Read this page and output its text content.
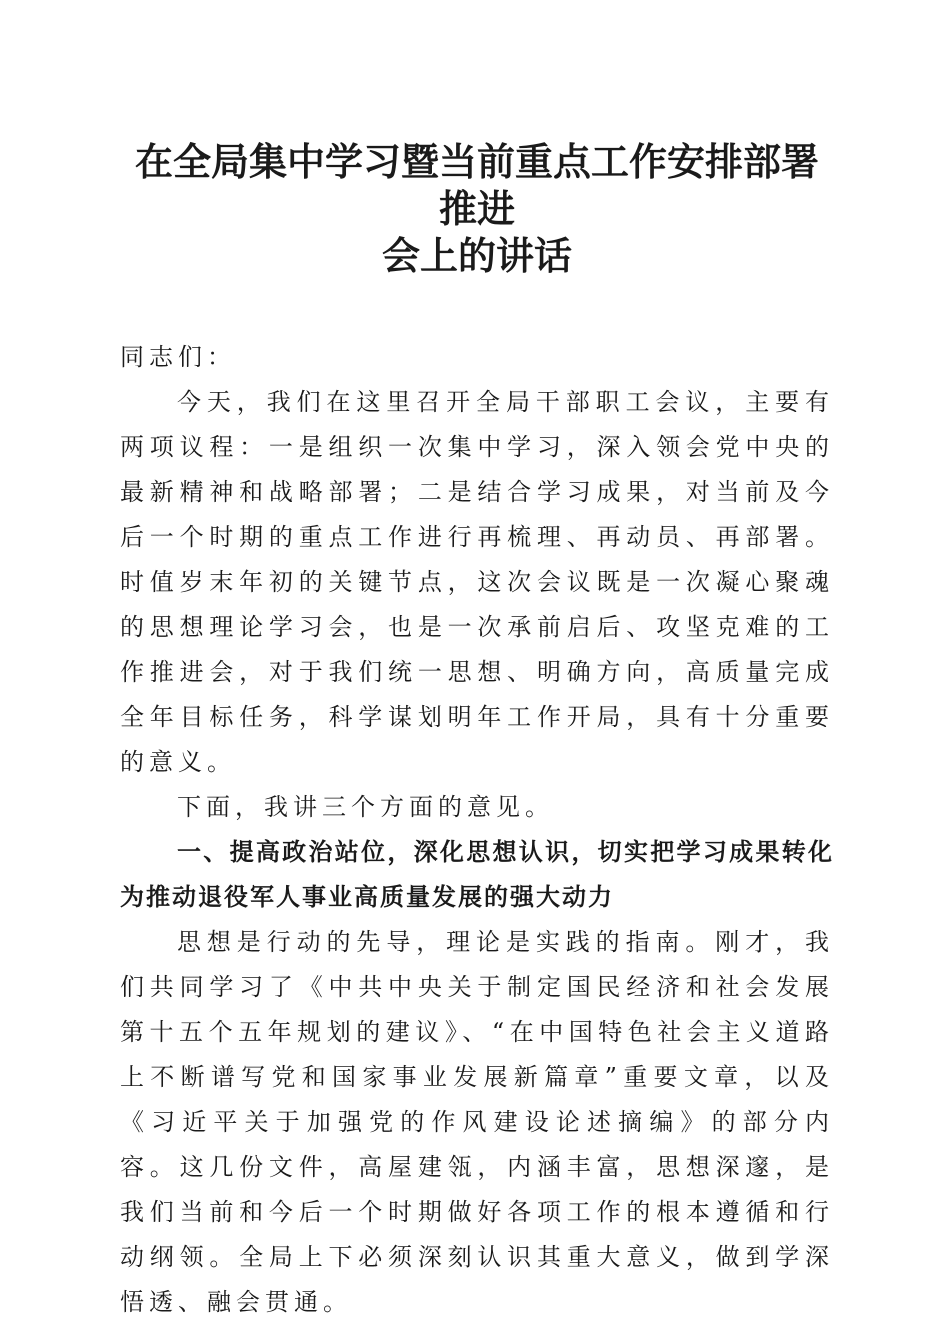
在全局集中学习暨当前重点工作安排部署推进
会上的讲话

同志们：

今天，我们在这里召开全局干部职工会议，主要有两项议程：一是组织一次集中学习，深入领会党中央的最新精神和战略部署；二是结合学习成果，对当前及今后一个时期的重点工作进行再梳理、再动员、再部署。时值岁末年初的关键节点，这次会议既是一次凝心聚魂的思想理论学习会，也是一次承前启后、攻坚克难的工作推进会，对于我们统一思想、明确方向，高质量完成全年目标任务，科学谋划明年工作开局，具有十分重要的意义。

下面，我讲三个方面的意见。

一、提高政治站位，深化思想认识，切实把学习成果转化为推动退役军人事业高质量发展的强大动力

思想是行动的先导，理论是实践的指南。刚才，我们共同学习了《中共中央关于制定国民经济和社会发展第十五个五年规划的建议》、“在中国特色社会主义道路上不断谱写党和国家事业发展新篇章”重要文章，以及《习近平关于加强党的作风建设论述摘编》的部分内容。这几份文件，高屋建瓴，内涵丰富，思想深邃，是我们当前和今后一个时期做好各项工作的根本遵循和行动纲领。全局上下必须深刻认识其重大意义，做到学深悟透、融会贯通。
